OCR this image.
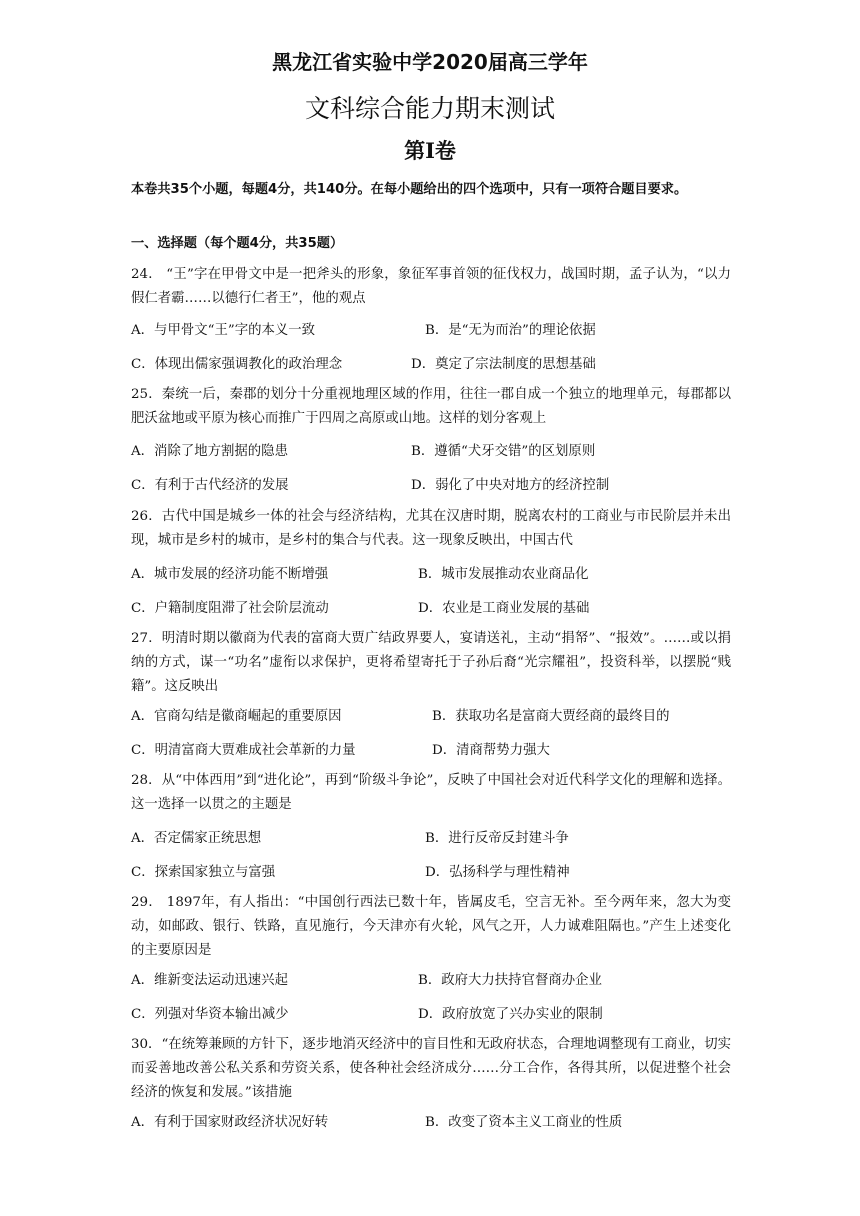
黑龙江省实验中学2020届高三学年
文科综合能力期末测试
第Ⅰ卷
本卷共35个小题，每题4分，共140分。在每小题给出的四个选项中，只有一项符合题目要求。
一、选择题（每个题4分，共35题）
24． “王”字在甲骨文中是一把斧头的形象，象征军事首领的征伐权力，战国时期，孟子认为，“以力假仁者霸……以德行仁者王”，他的观点
A．与甲骨文“王”字的本义一致	B．是“无为而治”的理论依据
C．体现出儒家强调教化的政治理念	D．奠定了宗法制度的思想基础
25．秦统一后，秦郡的划分十分重视地理区域的作用，往往一郡自成一个独立的地理单元，每郡都以肥沃盆地或平原为核心而推广于四周之高原或山地。这样的划分客观上
A．消除了地方割据的隐患	B．遵循“犬牙交错”的区划原则
C．有利于古代经济的发展	D．弱化了中央对地方的经济控制
26．古代中国是城乡一体的社会与经济结构，尤其在汉唐时期，脱离农村的工商业与市民阶层并未出现，城市是乡村的城市，是乡村的集合与代表。这一现象反映出，中国古代
A．城市发展的经济功能不断增强	B．城市发展推动农业商品化
C．户籍制度阻滞了社会阶层流动	D．农业是工商业发展的基础
27．明清时期以徽商为代表的富商大贾广结政界要人，宴请送礼，主动“捐帑”、“报效”。……或以捐纳的方式，谋一“功名”虚衔以求保护，更将希望寄托于子孙后裔“光宗耀祖”，投资科举，以摆脱“贱籍”。这反映出
A．官商勾结是徽商崛起的重要原因	B．获取功名是富商大贾经商的最终目的
C．明清富商大贾难成社会革新的力量	D．清商帮势力强大
28．从“中体西用”到“进化论”，再到“阶级斗争论”，反映了中国社会对近代科学文化的理解和选择。这一选择一以贯之的主题是
A．否定儒家正统思想	B．进行反帝反封建斗争
C．探索国家独立与富强	D．弘扬科学与理性精神
29． 1897年，有人指出：“中国创行西法已数十年，皆属皮毛，空言无补。至今两年来，忽大为变动，如邮政、银行、铁路，直见施行，今天津亦有火轮，风气之开，人力诚难阻隔也。”产生上述变化的主要原因是
A．维新变法运动迅速兴起	B．政府大力扶持官督商办企业
C．列强对华资本输出减少	D．政府放宽了兴办实业的限制
30．“在统筹兼顾的方针下，逐步地消灭经济中的盲目性和无政府状态，合理地调整现有工商业，切实而妥善地改善公私关系和劳资关系，使各种社会经济成分……分工合作，各得其所，以促进整个社会经济的恢复和发展。”该措施
A．有利于国家财政经济状况好转	B．改变了资本主义工商业的性质
